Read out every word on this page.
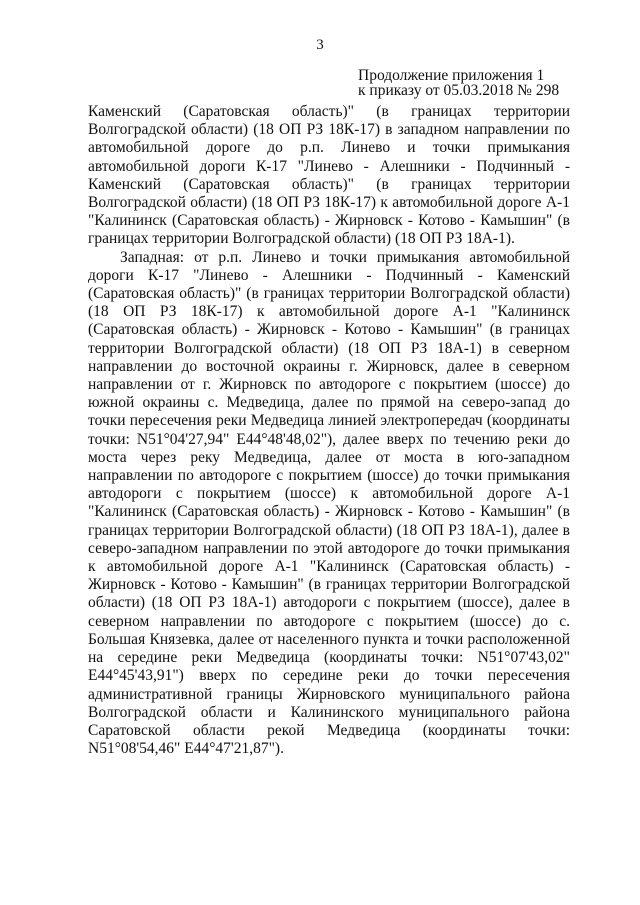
3
Продолжение приложения 1
к приказу от 05.03.2018 № 298

Каменский (Саратовская область)" (в границах территории Волгоградской области) (18 ОП РЗ 18К-17) в западном направлении по автомобильной дороге до р.п. Линево и точки примыкания автомобильной дороги К-17 "Линево - Алешники - Подчинный - Каменский (Саратовская область)" (в границах территории Волгоградской области) (18 ОП РЗ 18К-17) к автомобильной дороге А-1 "Калининск (Саратовская область) - Жирновск - Котово - Камышин" (в границах территории Волгоградской области) (18 ОП РЗ 18А-1).

Западная: от р.п. Линево и точки примыкания автомобильной дороги К-17 "Линево - Алешники - Подчинный - Каменский (Саратовская область)" (в границах территории Волгоградской области) (18 ОП РЗ 18К-17) к автомобильной дороге А-1 "Калининск (Саратовская область) - Жирновск - Котово - Камышин" (в границах территории Волгоградской области) (18 ОП РЗ 18А-1) в северном направлении до восточной окраины г. Жирновск, далее в северном направлении от г. Жирновск по автодороге с покрытием (шоссе) до южной окраины с. Медведица, далее по прямой на северо-запад до точки пересечения реки Медведица линией электропередач (координаты точки: N51°04'27,94" E44°48'48,02"), далее вверх по течению реки до моста через реку Медведица, далее от моста в юго-западном направлении по автодороге с покрытием (шоссе) до точки примыкания автодороги с покрытием (шоссе) к автомобильной дороге А-1 "Калининск (Саратовская область) - Жирновск - Котово - Камышин" (в границах территории Волгоградской области) (18 ОП РЗ 18А-1), далее в северо-западном направлении по этой автодороге до точки примыкания к автомобильной дороге А-1 "Калининск (Саратовская область) - Жирновск - Котово - Камышин" (в границах территории Волгоградской области) (18 ОП РЗ 18А-1) автодороги с покрытием (шоссе), далее в северном направлении по автодороге с покрытием (шоссе) до с. Большая Князевка, далее от населенного пункта и точки расположенной на середине реки Медведица (координаты точки: N51°07'43,02" E44°45'43,91") вверх по середине реки до точки пересечения административной границы Жирновского муниципального района Волгоградской области и Калининского муниципального района Саратовской области рекой Медведица (координаты точки: N51°08'54,46" E44°47'21,87").
